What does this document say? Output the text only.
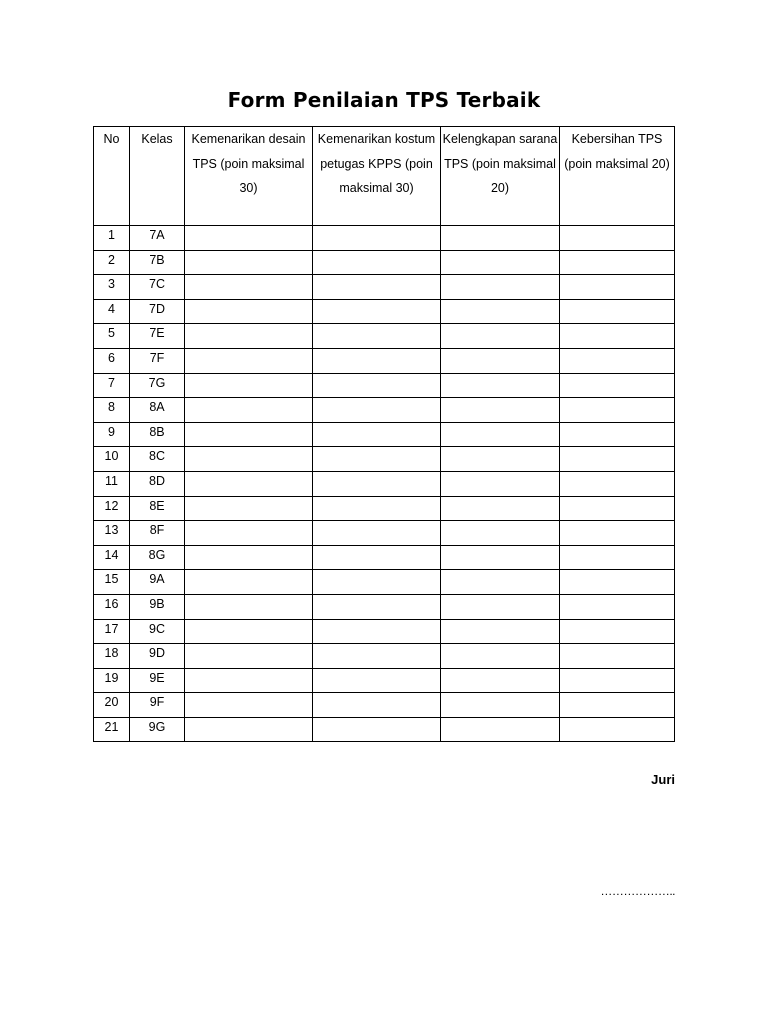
Form Penilaian TPS Terbaik
No	Kelas	Kemenarikan desain TPS (poin maksimal 30)	Kemenarikan kostum petugas KPPS (poin maksimal 30)	Kelengkapan sarana TPS (poin maksimal 20)	Kebersihan TPS (poin maksimal 20)

1	7A				

2	7B				

3	7C				

4	7D				

5	7E				

6	7F				

7	7G				

8	8A				

9	8B				

10	8C				

11	8D				

12	8E				

13	8F				

14	8G				

15	9A				

16	9B				

17	9C				

18	9D				

19	9E				

20	9F				

21	9G				

Juri
………………..
